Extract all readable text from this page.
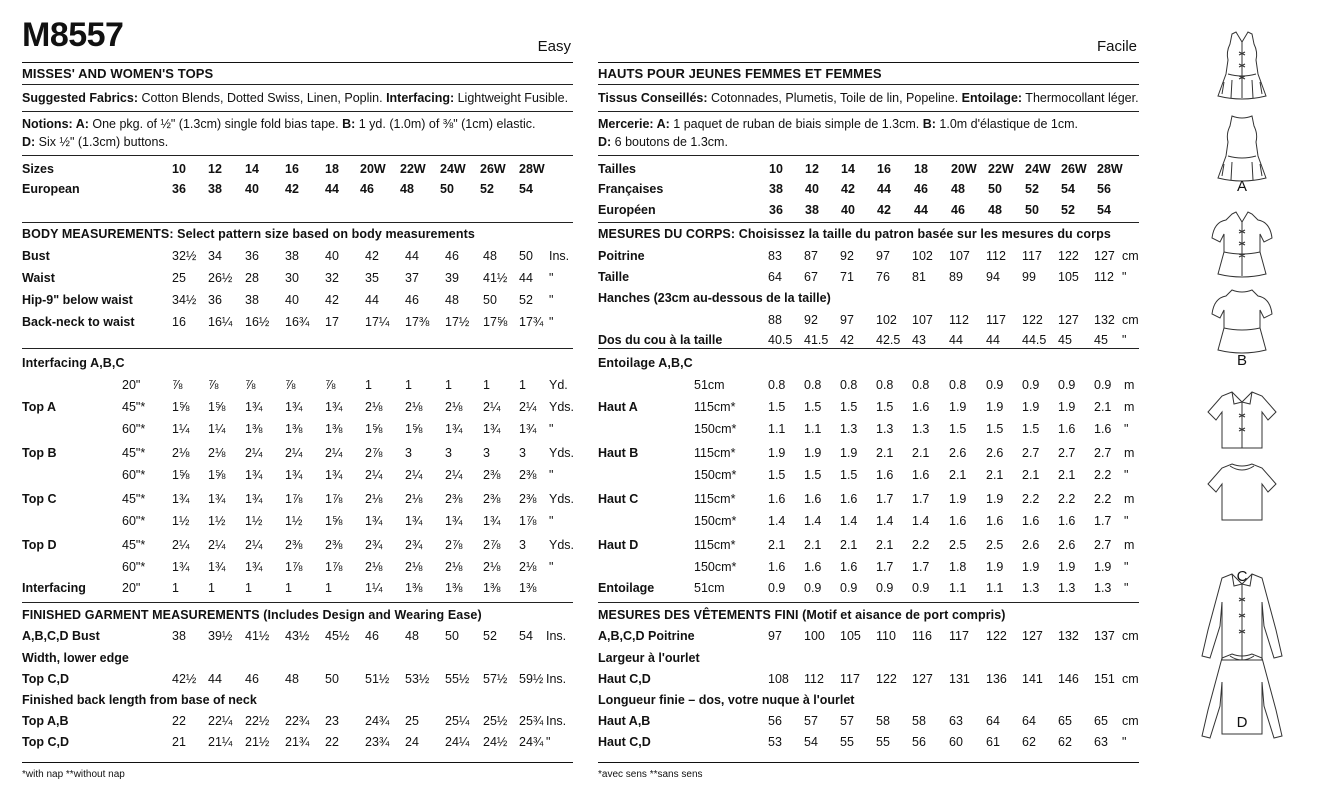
M8557	Easy
MISSES' AND WOMEN'S TOPS
Suggested Fabrics: Cotton Blends, Dotted Swiss, Linen, Poplin. Interfacing: Lightweight Fusible.
Notions: A: One pkg. of ½" (1.3cm) single fold bias tape. B: 1 yd. (1.0m) of ⅜" (1cm) elastic.
D: Six ½" (1.3cm) buttons.
Sizes	10 12 14 16 18 20W 22W 24W 26W 28W
European	36 38 40 42 44 46 48 50 52 54
BODY MEASUREMENTS: Select pattern size based on body measurements
Bust	32½ 34 36 38 40 42 44 46 48 50 Ins.
Waist	25 26½ 28 30 32 35 37 39 41½ 44 "
Hip-9" below waist	34½ 36 38 40 42 44 46 48 50 52 "
Back-neck to waist	16 16¼ 16½ 16¾ 17 17¼ 17⅜ 17½ 17⅝ 17¾ "
Interfacing A,B,C
20"	⅞ ⅞ ⅞ ⅞ ⅞ 1	1	1 1 1 Yd.
Top A	45"* 1⅝ 1⅝ 1¾ 1¾ 1¾ 2⅛ 2⅛ 2⅛ 2¼ 2¼ Yds.
60"* 1¼ 1¼ 1⅜ 1⅜ 1⅜ 1⅝ 1⅝ 1¾ 1¾ 1¾ "
Top B	45"* 2⅛ 2⅛ 2¼ 2¼ 2¼ 2⅞ 3	3 3 3 Yds.
60"* 1⅝ 1⅝ 1¾ 1¾ 1¾ 2¼ 2¼ 2¼ 2⅜ 2⅜ "
Top C	45"* 1¾ 1¾ 1¾ 1⅞ 1⅞ 2⅛ 2⅛ 2⅜ 2⅜ 2⅜ Yds.
60"* 1½ 1½ 1½ 1½ 1⅝ 1¾ 1¾ 1¾ 1¾ 1⅞ "
Top D	45"* 2¼ 2¼ 2¼ 2⅜ 2⅜ 2¾ 2¾ 2⅞ 2⅞ 3 Yds.
60"* 1¾ 1¾ 1¾ 1⅞ 1⅞ 2⅛ 2⅛ 2⅛ 2⅛ 2⅛ "
Interfacing	20"	1 1 1	1	1	1¼ 1⅜ 1⅜ 1⅜ 1⅜
FINISHED GARMENT MEASUREMENTS (Includes Design and Wearing Ease)
A,B,C,D Bust	38 39½ 41½ 43½ 45½ 46 48 50 52 54 Ins.
Width, lower edge
Top C,D	42½ 44 46 48 50 51½ 53½ 55½ 57½ 59½ Ins.
Finished back length from base of neck
Top A,B	22 22¼ 22½ 22¾ 23 24¾ 25 25¼ 25½ 25¾ Ins.
Top C,D	21 21¼ 21½ 21¾ 22 23¾ 24 24¼ 24½ 24¾ "
*with nap **without nap
Facile
HAUTS POUR JEUNES FEMMES ET FEMMES
Tissus Conseillés: Cotonnades, Plumetis, Toile de lin, Popeline. Entoilage: Thermocollant léger.
Mercerie: A: 1 paquet de ruban de biais simple de 1.3cm. B: 1.0m d'élastique de 1cm.
D: 6 boutons de 1.3cm.
Tailles	10 12 14 16 18 20W 22W 24W 26W 28W
Françaises	38 40 42 44 46 48 50 52 54 56
Européen	36 38 40 42 44 46 48 50 52 54
MESURES DU CORPS: Choisissez la taille du patron basée sur les mesures du corps
Poitrine	83 87 92 97 102 107 112 117 122 127 cm
Taille	64 67 71 76 81 89 94 99 105 112 "
Hanches (23cm au-dessous de la taille)
88 92 97 102 107 112 117 122 127 132 cm
Dos du cou à la taille	40.5 41.5 42 42.5 43 44 44 44.5 45 45 "
Entoilage A,B,C
51cm	0.8 0.8 0.8 0.8 0.8 0.8 0.9 0.9 0.9 0.9 m
Haut A	115cm*	1.5 1.5 1.5 1.5 1.6 1.9 1.9 1.9 1.9 2.1 m
150cm*	1.1 1.1 1.3 1.3 1.3 1.5 1.5 1.5 1.6 1.6 "
Haut B	115cm*	1.9 1.9 1.9 2.1 2.1 2.6 2.6 2.7 2.7 2.7 m
150cm*	1.5 1.5 1.5 1.6 1.6 2.1 2.1 2.1 2.1 2.2 "
Haut C	115cm*	1.6 1.6 1.6 1.7 1.7 1.9 1.9 2.2 2.2 2.2 m
150cm*	1.4 1.4 1.4 1.4 1.4 1.6 1.6 1.6 1.6 1.7 "
Haut D	115cm*	2.1 2.1 2.1 2.1 2.2 2.5 2.5 2.6 2.6 2.7 m
150cm*	1.6 1.6 1.6 1.7 1.7 1.8 1.9 1.9 1.9 1.9 "
Entoilage	51cm	0.9 0.9 0.9 0.9 0.9 1.1 1.1 1.3 1.3 1.3 "
MESURES DES VÊTEMENTS FINI (Motif et aisance de port compris)
A,B,C,D Poitrine	97 100 105 110 116 117 122 127 132 137 cm
Largeur à l'ourlet
Haut C,D	108 112 117 122 127 131 136 141 146 151 cm
Longueur finie – dos, votre nuque à l'ourlet
Haut A,B	56 57 57 58 58 63 64 64 65 65 cm
Haut C,D	53 54 55 55 56 60 61 62 62 63 "
*avec sens **sans sens
A
B
C
D
